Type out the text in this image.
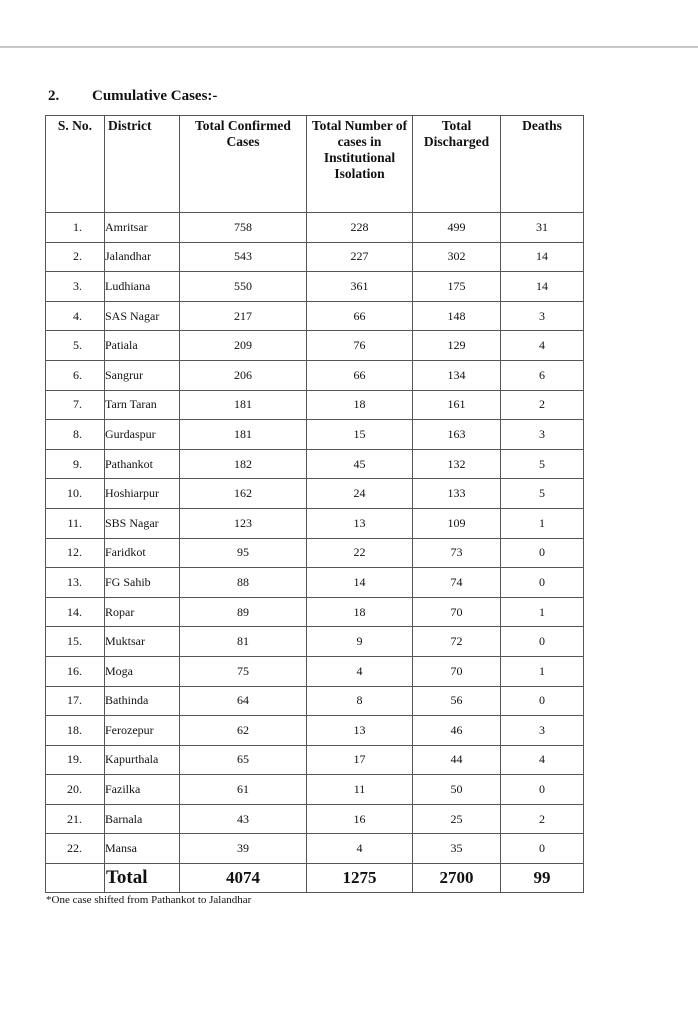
2. Cumulative Cases:-
S. No.	District	Total Confirmed Cases	Total Number of cases in Institutional Isolation	Total Discharged	Deaths
1.	Amritsar	758	228	499	31
2.	Jalandhar	543	227	302	14
3.	Ludhiana	550	361	175	14
4.	SAS Nagar	217	66	148	3
5.	Patiala	209	76	129	4
6.	Sangrur	206	66	134	6
7.	Tarn Taran	181	18	161	2
8.	Gurdaspur	181	15	163	3
9.	Pathankot	182	45	132	5
10.	Hoshiarpur	162	24	133	5
11.	SBS Nagar	123	13	109	1
12.	Faridkot	95	22	73	0
13.	FG Sahib	88	14	74	0
14.	Ropar	89	18	70	1
15.	Muktsar	81	9	72	0
16.	Moga	75	4	70	1
17.	Bathinda	64	8	56	0
18.	Ferozepur	62	13	46	3
19.	Kapurthala	65	17	44	4
20.	Fazilka	61	11	50	0
21.	Barnala	43	16	25	2
22.	Mansa	39	4	35	0
	Total	4074	1275	2700	99
*One case shifted from Pathankot to Jalandhar
